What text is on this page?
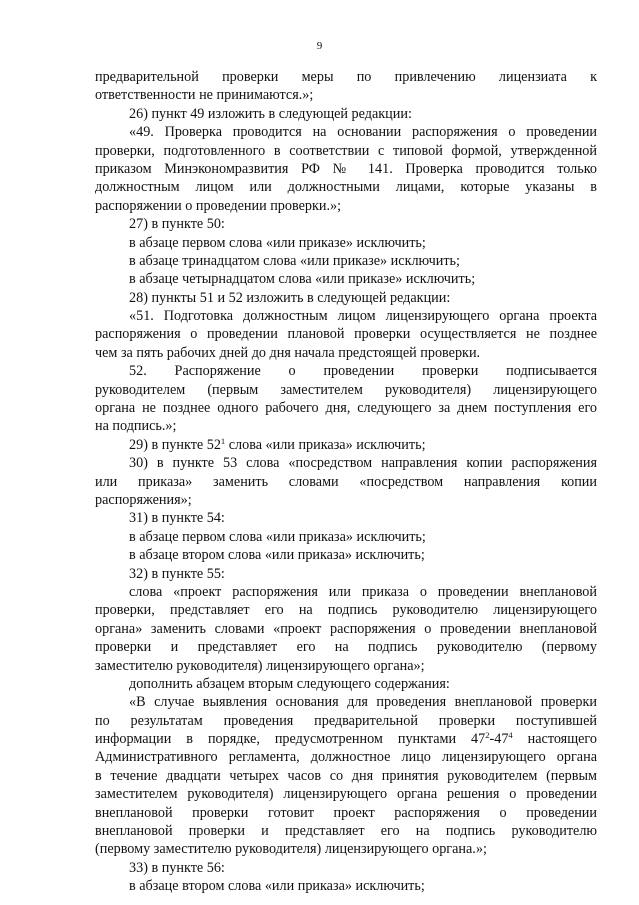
9
предварительной проверки меры по привлечению лицензиата к
ответственности не принимаются.»;
26) пункт 49 изложить в следующей редакции:
«49. Проверка проводится на основании распоряжения о проведении
проверки, подготовленного в соответствии с типовой формой, утвержденной
приказом Минэкономразвития РФ № 141. Проверка проводится только
должностным лицом или должностными лицами, которые указаны в
распоряжении о проведении проверки.»;
27) в пункте 50:
в абзаце первом слова «или приказе» исключить;
в абзаце тринадцатом слова «или приказе» исключить;
в абзаце четырнадцатом слова «или приказе» исключить;
28) пункты 51 и 52 изложить в следующей редакции:
«51. Подготовка должностным лицом лицензирующего органа проекта
распоряжения о проведении плановой проверки осуществляется не позднее
чем за пять рабочих дней до дня начала предстоящей проверки.
52. Распоряжение о проведении проверки подписывается
руководителем (первым заместителем руководителя) лицензирующего
органа не позднее одного рабочего дня, следующего за днем поступления его
на подпись.»;
29) в пункте $52^1$ слова «или приказа» исключить;
30) в пункте 53 слова «посредством направления копии распоряжения
или приказа» заменить словами «посредством направления копии
распоряжения»;
31) в пункте 54:
в абзаце первом слова «или приказа» исключить;
в абзаце втором слова «или приказа» исключить;
32) в пункте 55:
слова «проект распоряжения или приказа о проведении внеплановой
проверки, представляет его на подпись руководителю лицензирующего
органа» заменить словами «проект распоряжения о проведении внеплановой
проверки и представляет его на подпись руководителю (первому
заместителю руководителя) лицензирующего органа»;
дополнить абзацем вторым следующего содержания:
«В случае выявления основания для проведения внеплановой проверки
по результатам проведения предварительной проверки поступившей
информации в порядке, предусмотренном пунктами $47^2-47^4$ настоящего
Административного регламента, должностное лицо лицензирующего органа
в течение двадцати четырех часов со дня принятия руководителем (первым
заместителем руководителя) лицензирующего органа решения о проведении
внеплановой проверки готовит проект распоряжения о проведении
внеплановой проверки и представляет его на подпись руководителю
(первому заместителю руководителя) лицензирующего органа.»;
33) в пункте 56:
в абзаце втором слова «или приказа» исключить;
